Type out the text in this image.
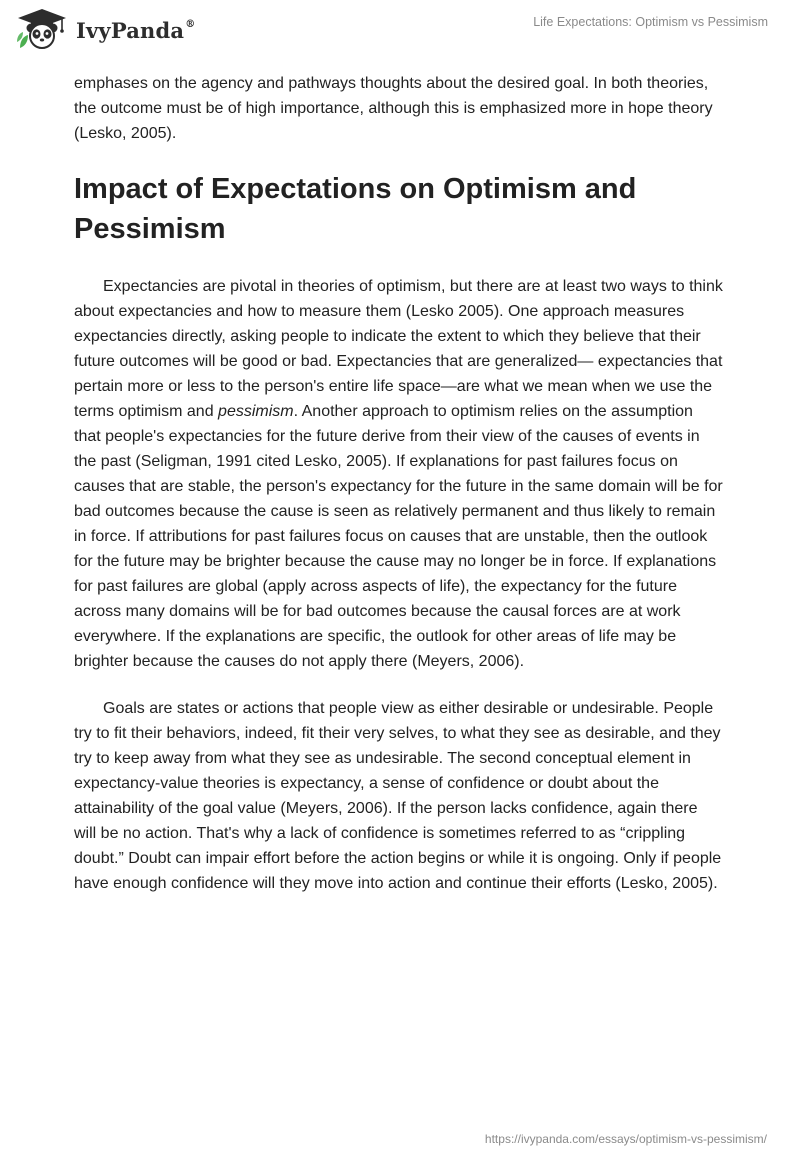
IvyPanda®	Life Expectations: Optimism vs Pessimism

emphases on the agency and pathways thoughts about the desired goal. In both theories, the outcome must be of high importance, although this is emphasized more in hope theory (Lesko, 2005).

Impact of Expectations on Optimism and Pessimism

Expectancies are pivotal in theories of optimism, but there are at least two ways to think about expectancies and how to measure them (Lesko 2005). One approach measures expectancies directly, asking people to indicate the extent to which they believe that their future outcomes will be good or bad. Expectancies that are generalized— expectancies that pertain more or less to the person's entire life space—are what we mean when we use the terms optimism and pessimism. Another approach to optimism relies on the assumption that people's expectancies for the future derive from their view of the causes of events in the past (Seligman, 1991 cited Lesko, 2005). If explanations for past failures focus on causes that are stable, the person's expectancy for the future in the same domain will be for bad outcomes because the cause is seen as relatively permanent and thus likely to remain in force. If attributions for past failures focus on causes that are unstable, then the outlook for the future may be brighter because the cause may no longer be in force. If explanations for past failures are global (apply across aspects of life), the expectancy for the future across many domains will be for bad outcomes because the causal forces are at work everywhere. If the explanations are specific, the outlook for other areas of life may be brighter because the causes do not apply there (Meyers, 2006).

Goals are states or actions that people view as either desirable or undesirable. People try to fit their behaviors, indeed, fit their very selves, to what they see as desirable, and they try to keep away from what they see as undesirable. The second conceptual element in expectancy-value theories is expectancy, a sense of confidence or doubt about the attainability of the goal value (Meyers, 2006). If the person lacks confidence, again there will be no action. That's why a lack of confidence is sometimes referred to as “crippling doubt.” Doubt can impair effort before the action begins or while it is ongoing. Only if people have enough confidence will they move into action and continue their efforts (Lesko, 2005).

https://ivypanda.com/essays/optimism-vs-pessimism/
